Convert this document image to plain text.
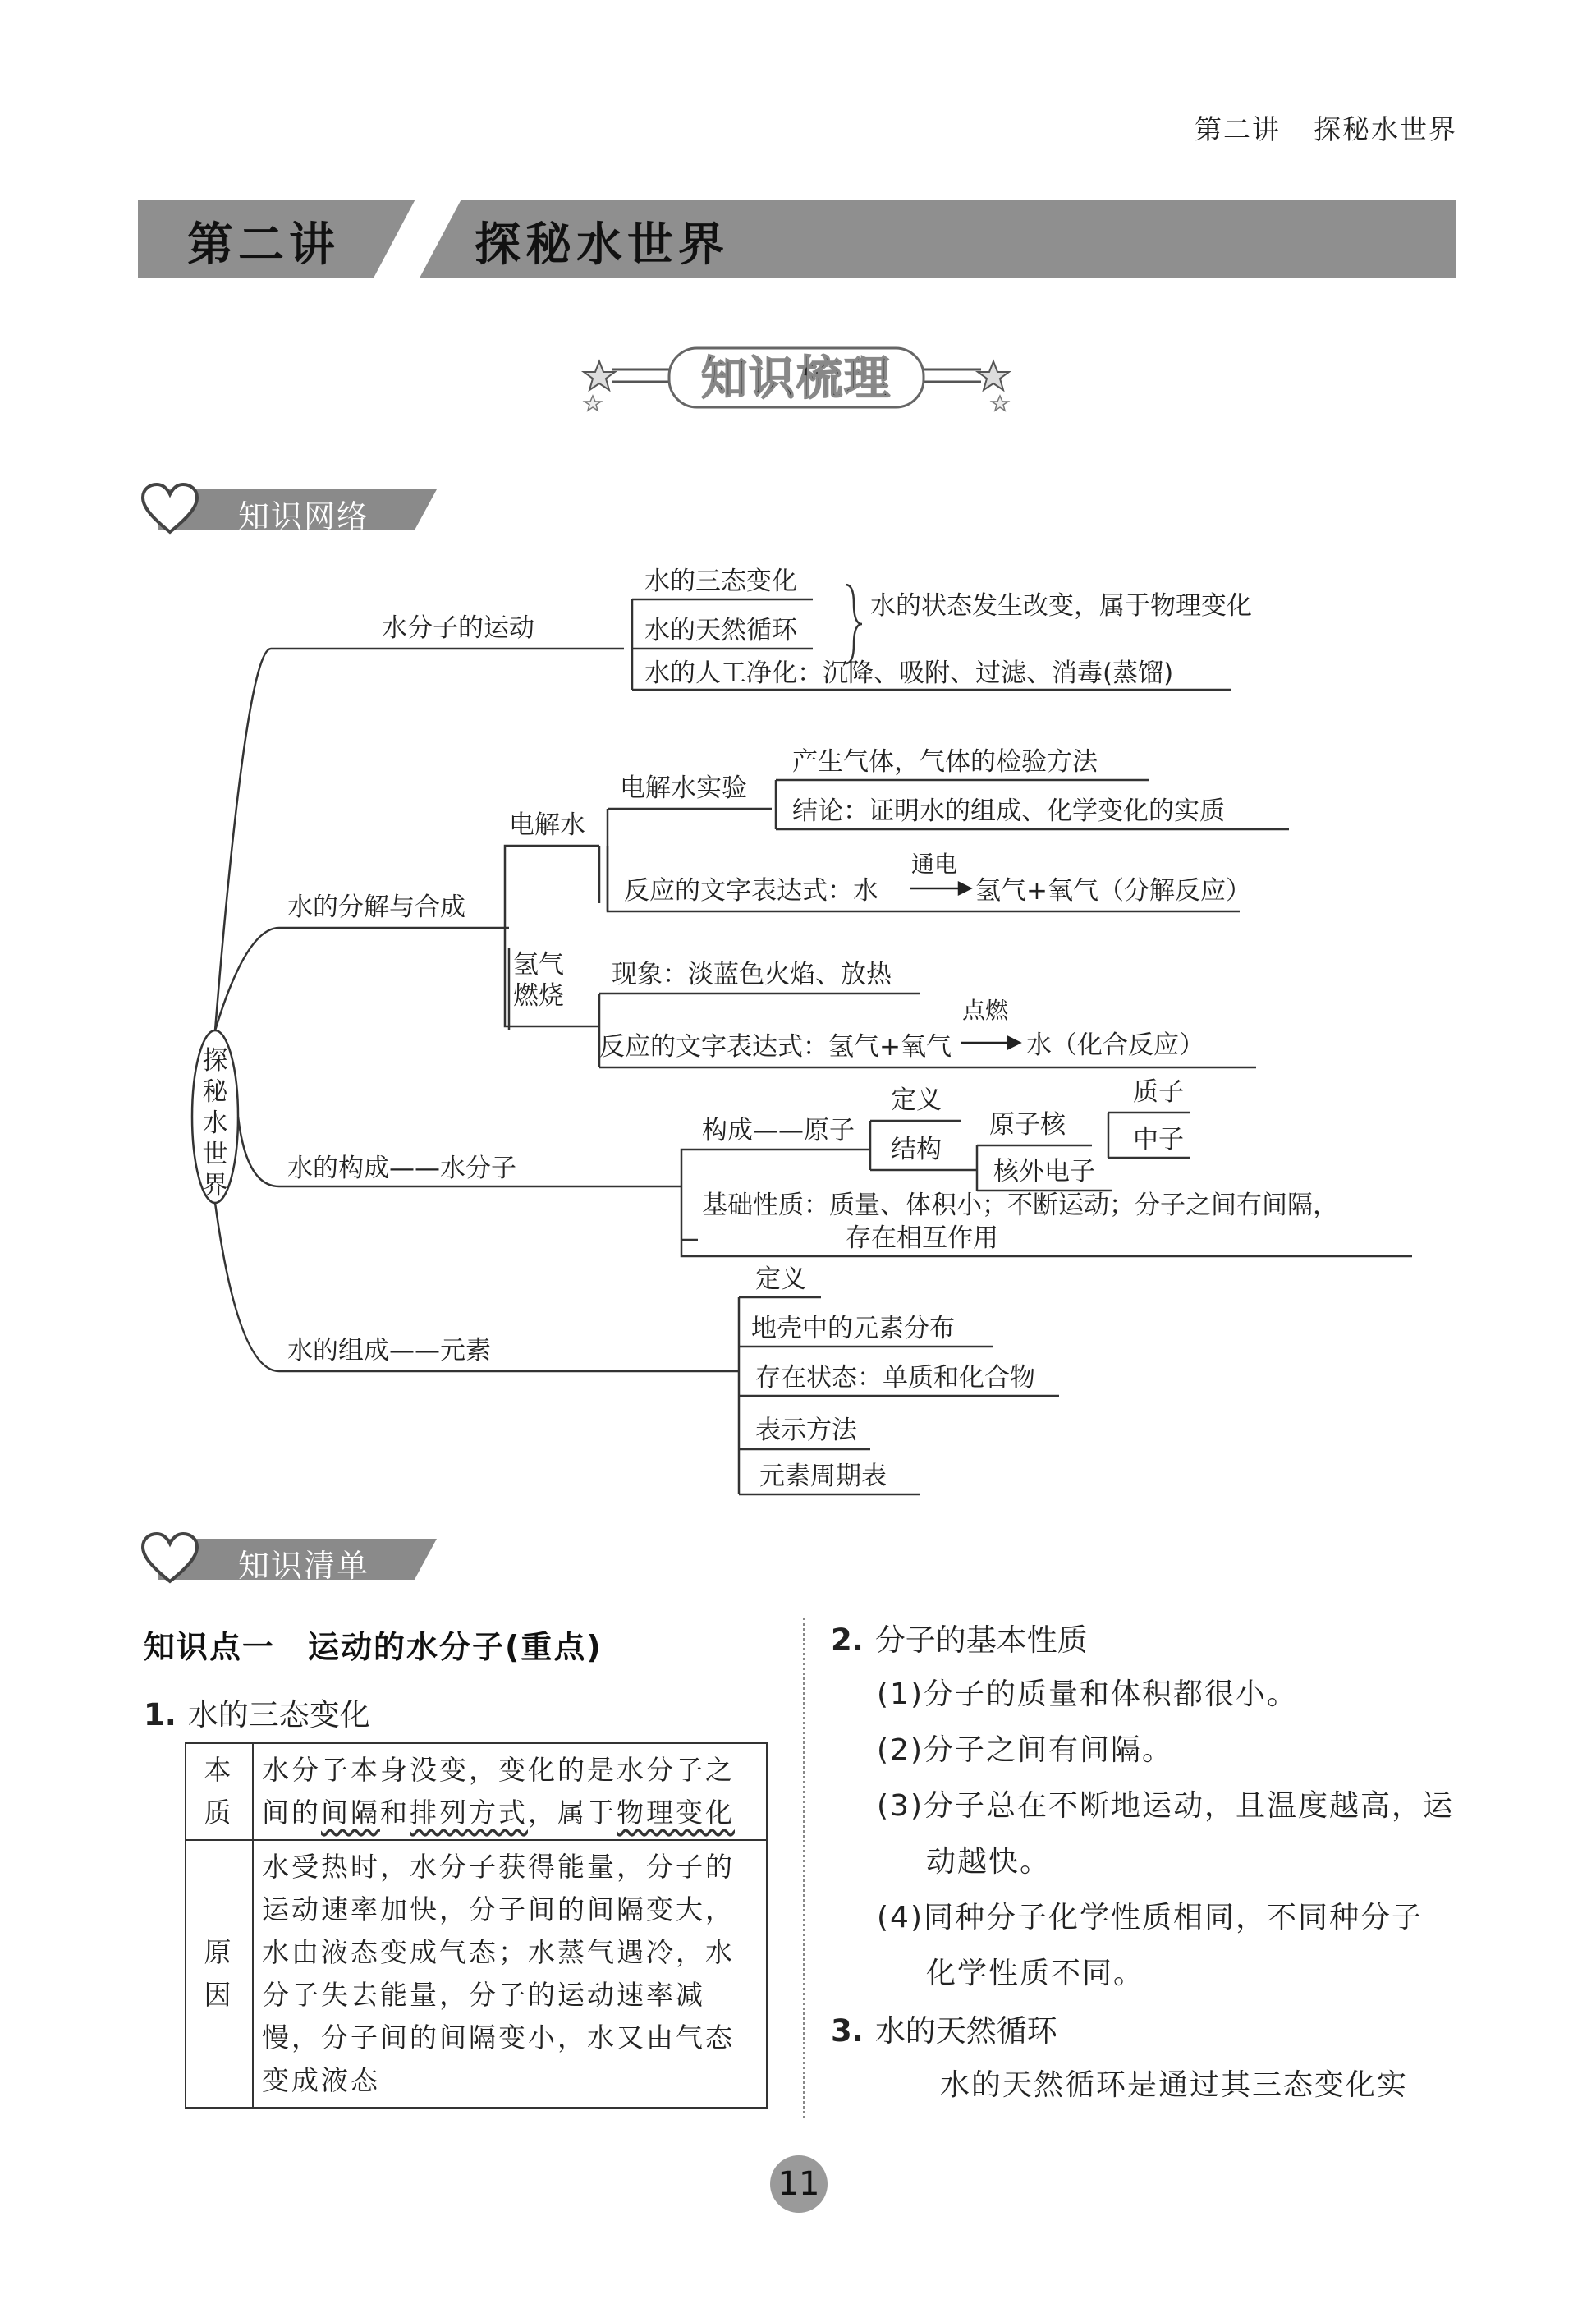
第二讲 探秘水世界
第二讲	探秘水世界
知识梳理
知识网络
探
秘
水
世
界
水分子的运动
水的三态变化
水的天然循环
水的状态发生改变，属于物理变化
水的人工净化：沉降、吸附、过滤、消毒(蒸馏)
水的分解与合成
电解水
电解水实验
产生气体，气体的检验方法
结论：证明水的组成、化学变化的实质
反应的文字表达式：水
通电
氢气+氧气（分解反应）
氢气
燃烧
现象：淡蓝色火焰、放热
反应的文字表达式：氢气+氧气
点燃
水（化合反应）
水的构成——水分子
构成——原子
定义
结构
原子核
核外电子
质子
中子
基础性质：质量、体积小；不断运动；分子之间有间隔，
存在相互作用
水的组成——元素
定义
地壳中的元素分布
存在状态：单质和化合物
表示方法
元素周期表
知识清单
知识点一　运动的水分子(重点)
1. 水的三态变化
本质	水分子本身没变，变化的是水分子之间的间隔和排列方式，属于物理变化
原因	水受热时，水分子获得能量，分子的运动速率加快，分子间的间隔变大，水由液态变成气态；水蒸气遇冷，水分子失去能量，分子的运动速率减慢，分子间的间隔变小，水又由气态变成液态
2. 分子的基本性质
(1)分子的质量和体积都很小。
(2)分子之间有间隔。
(3)分子总在不断地运动，且温度越高，运
动越快。
(4)同种分子化学性质相同，不同种分子
化学性质不同。
3. 水的天然循环
水的天然循环是通过其三态变化实
11
